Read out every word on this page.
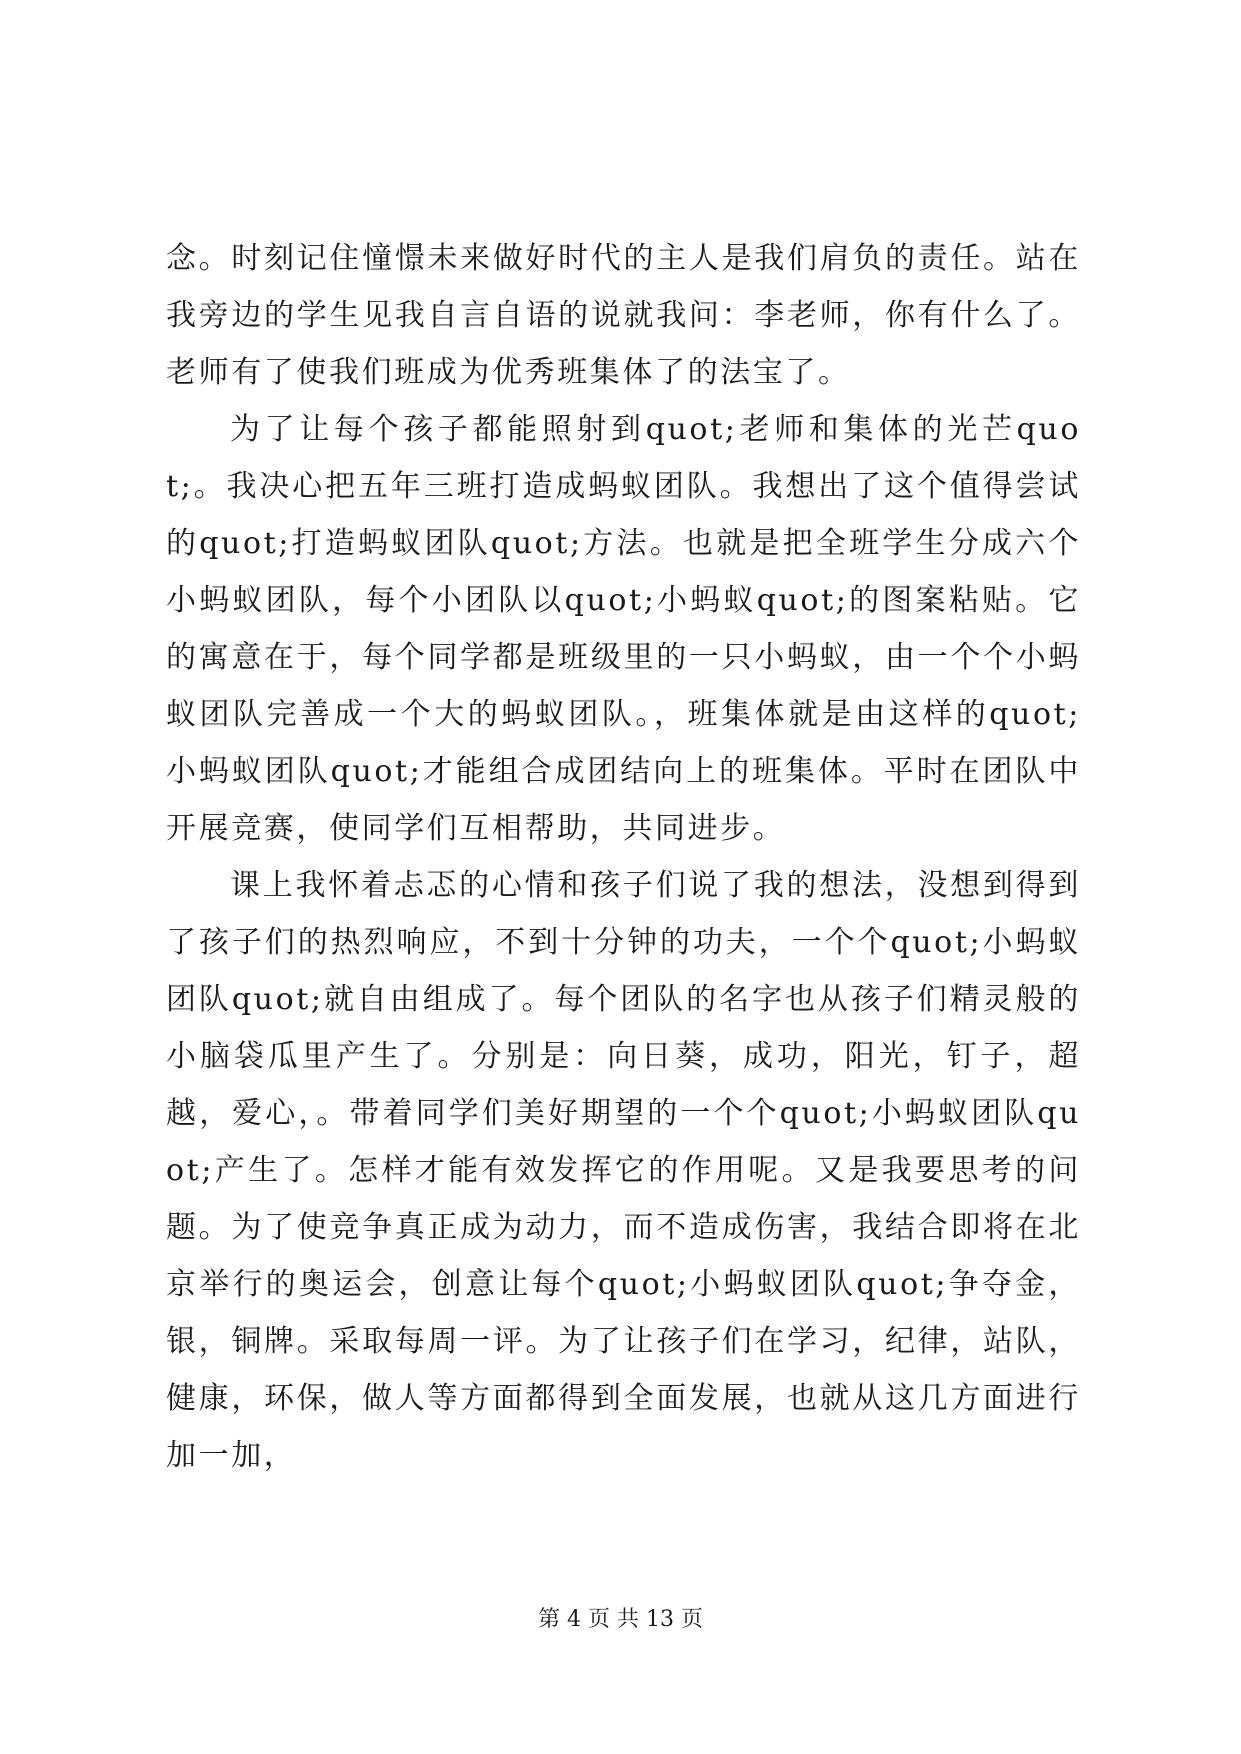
念。时刻记住憧憬未来做好时代的主人是我们肩负的责任。站在我旁边的学生见我自言自语的说就我问：李老师，你有什么了。老师有了使我们班成为优秀班集体了的法宝了。

为了让每个孩子都能照射到quot;老师和集体的光芒quot;。我决心把五年三班打造成蚂蚁团队。我想出了这个值得尝试的quot;打造蚂蚁团队quot;方法。也就是把全班学生分成六个小蚂蚁团队，每个小团队以quot;小蚂蚁quot;的图案粘贴。它的寓意在于，每个同学都是班级里的一只小蚂蚁，由一个个小蚂蚁团队完善成一个大的蚂蚁团队。，班集体就是由这样的quot;小蚂蚁团队quot;才能组合成团结向上的班集体。平时在团队中开展竞赛，使同学们互相帮助，共同进步。

课上我怀着忐忑的心情和孩子们说了我的想法，没想到得到了孩子们的热烈响应，不到十分钟的功夫，一个个quot;小蚂蚁团队quot;就自由组成了。每个团队的名字也从孩子们精灵般的小脑袋瓜里产生了。分别是：向日葵，成功，阳光，钉子，超越，爱心，。带着同学们美好期望的一个个quot;小蚂蚁团队quot;产生了。怎样才能有效发挥它的作用呢。又是我要思考的问题。为了使竞争真正成为动力，而不造成伤害，我结合即将在北京举行的奥运会，创意让每个quot;小蚂蚁团队quot;争夺金，银，铜牌。采取每周一评。为了让孩子们在学习，纪律，站队，健康，环保，做人等方面都得到全面发展，也就从这几方面进行加一加，

第 4 页 共 13 页
